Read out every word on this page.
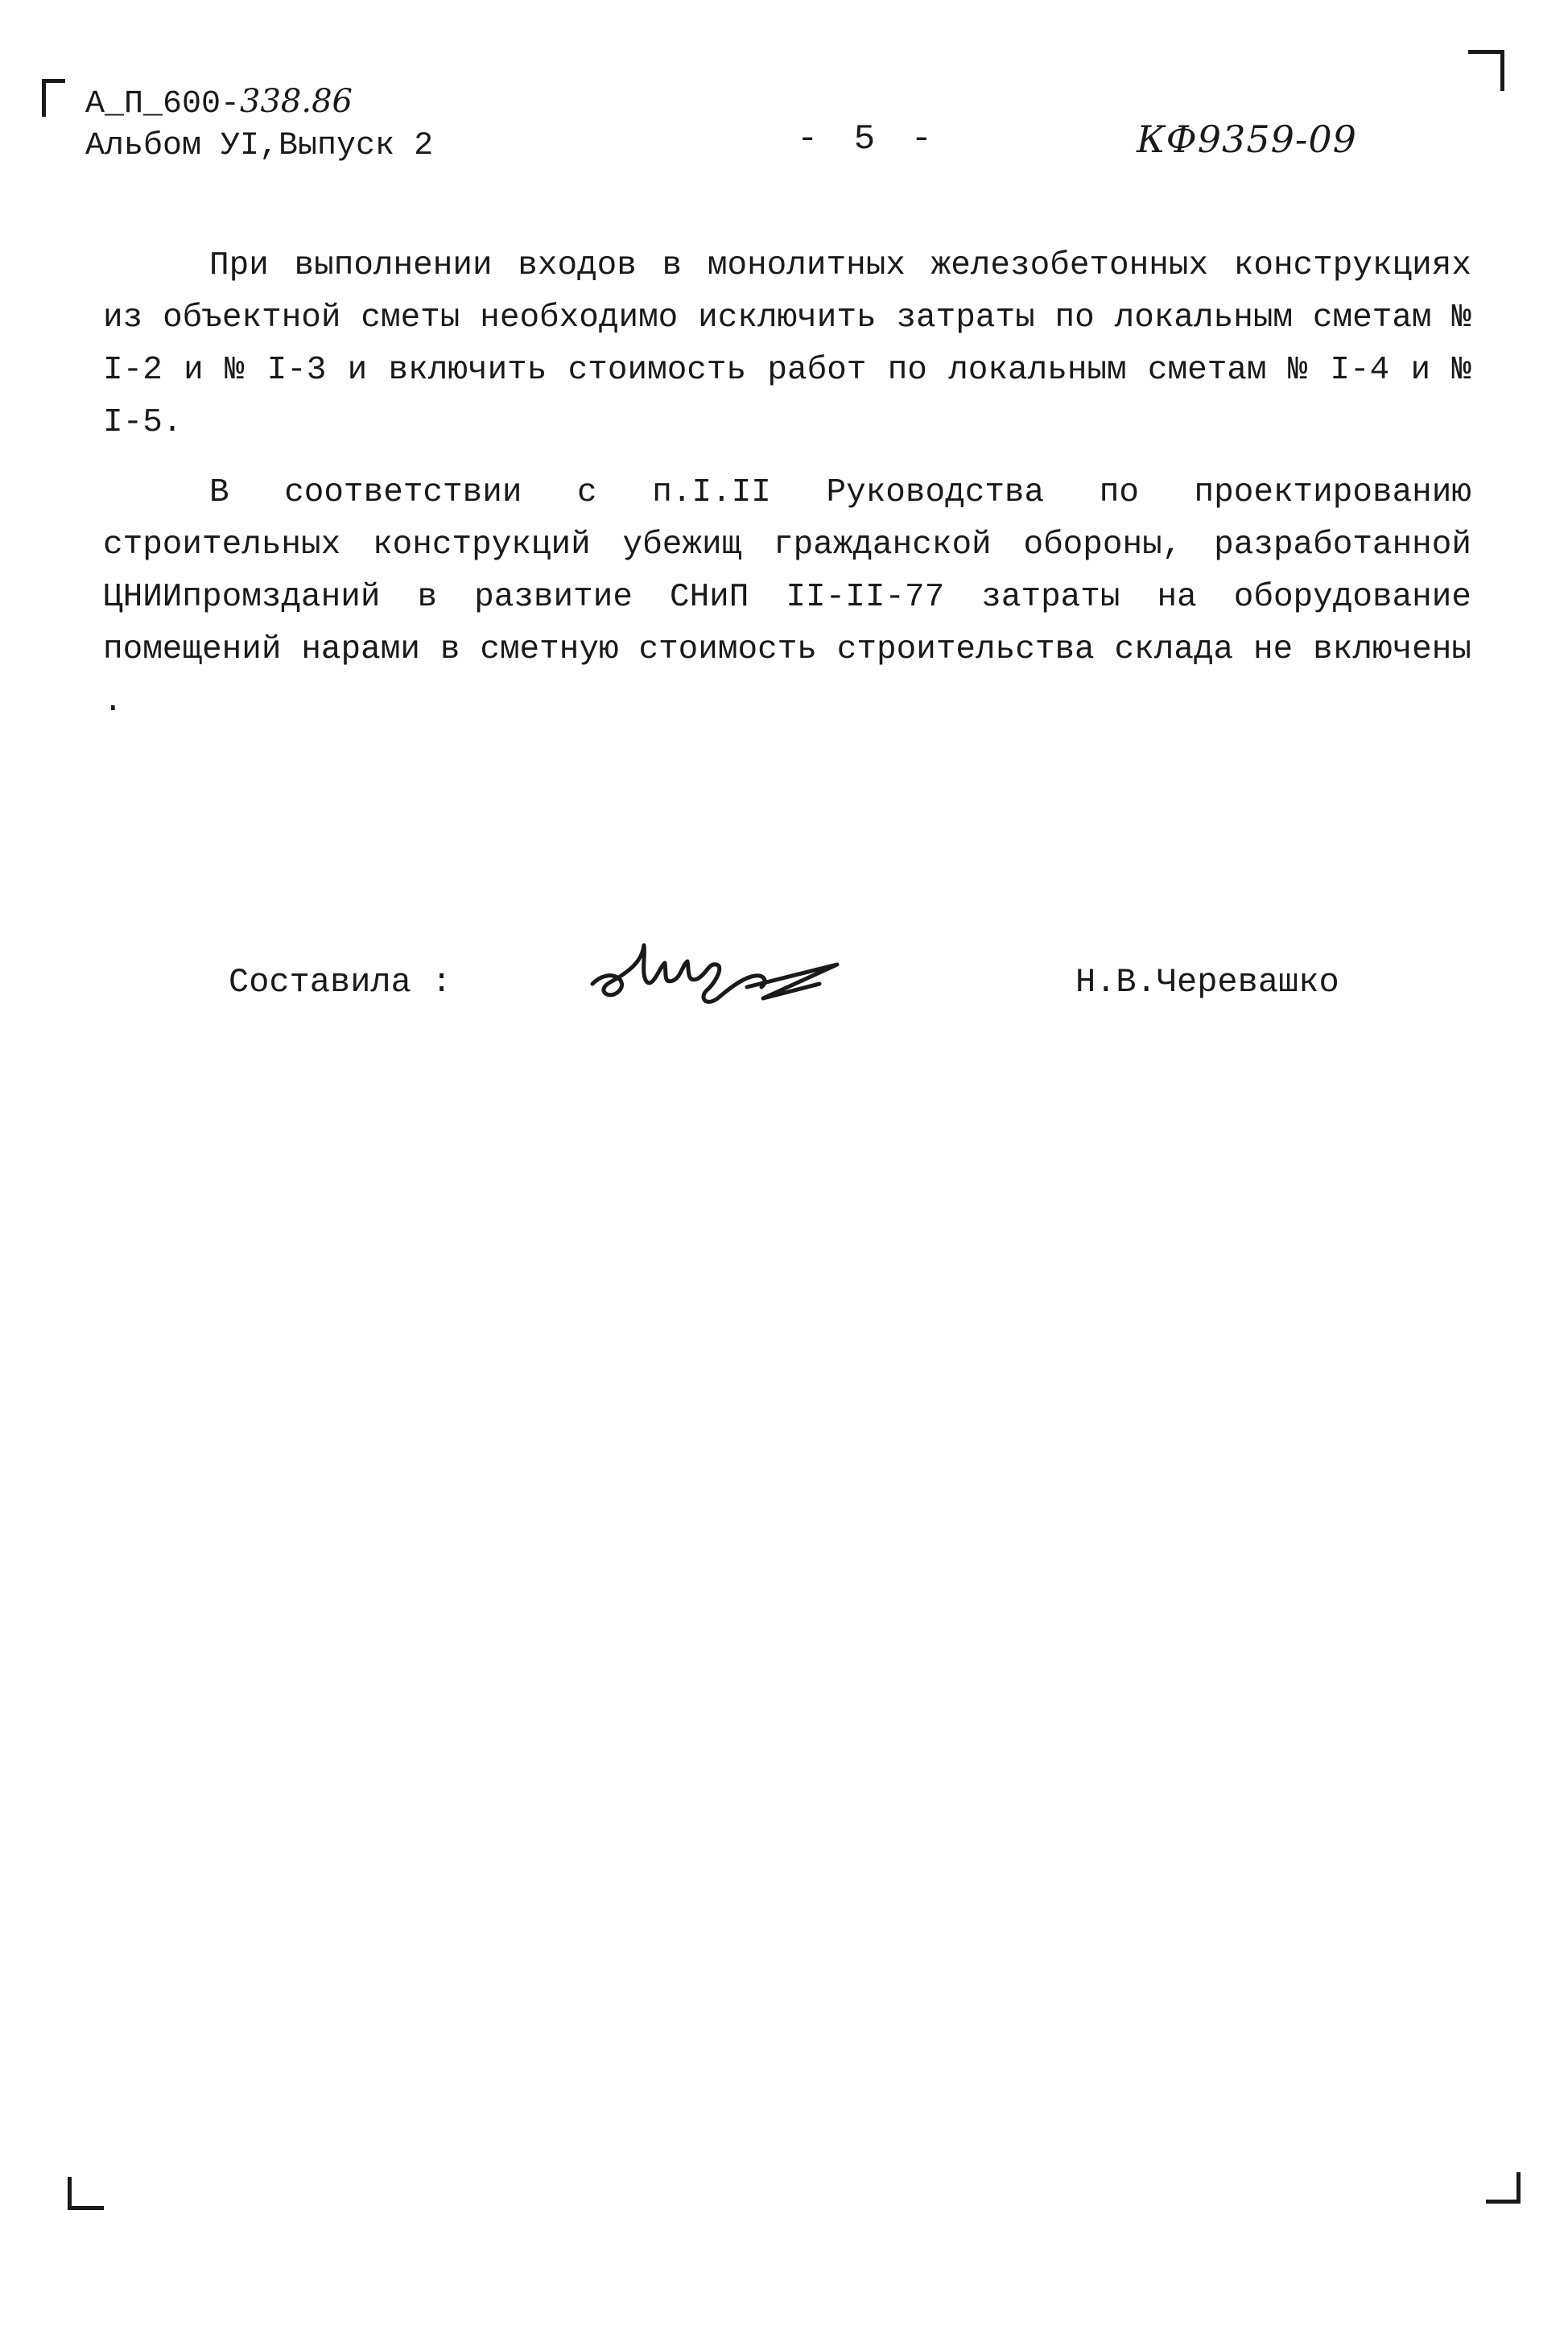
А_П_600-338.86
Альбом УI,Выпуск 2	- 5 -	КФ9359-09

При выполнении входов в монолитных железобетонных конструкциях из объектной сметы необходимо исключить затраты по локальным сметам № I-2 и № I-3 и включить стоимость работ по локальным сметам № I-4 и № I-5.

В соответствии с п.I.II Руководства по проектированию строительных конструкций убежищ гражданской обороны, разработанной ЦНИИпромзданий в развитие СНиП II-II-77 затраты на оборудование помещений нарами в сметную стоимость строительства склада не включены .

Составила :	Н.В.Черевашко
